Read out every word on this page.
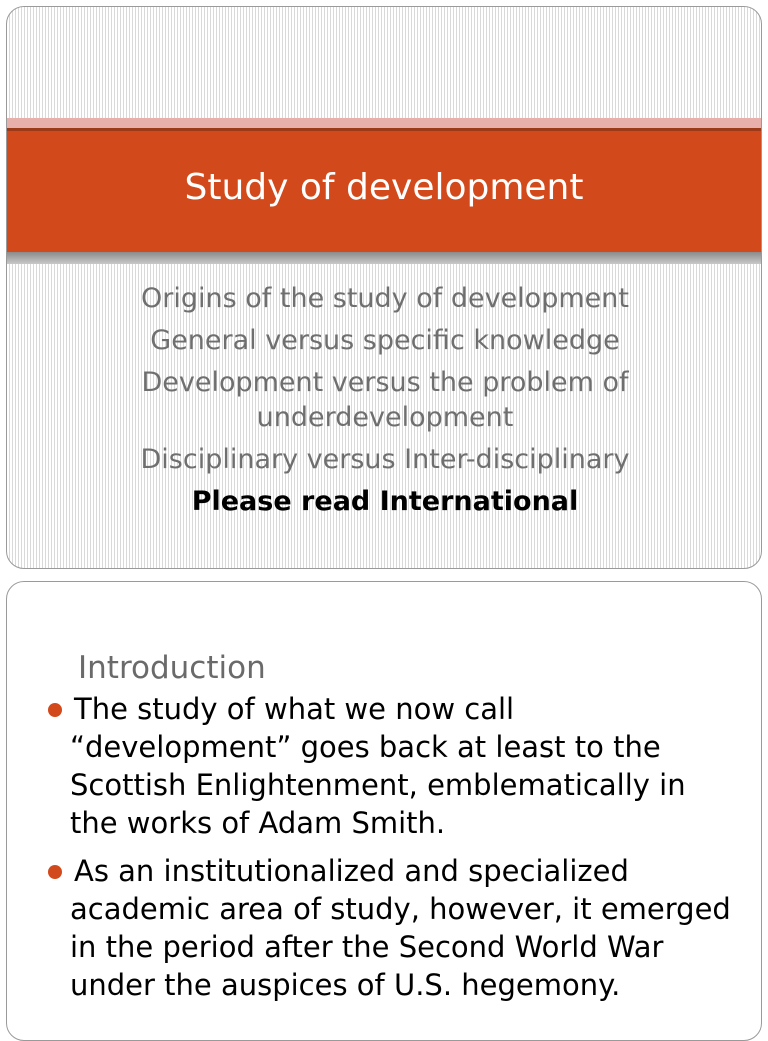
Study of development
Origins of the study of development
General versus specific knowledge
Development versus the problem of underdevelopment
Disciplinary versus Inter-disciplinary
Please read International
Introduction
The study of what we now call “development” goes back at least to the Scottish Enlightenment, emblematically in the works of Adam Smith.
As an institutionalized and specialized academic area of study, however, it emerged in the period after the Second World War under the auspices of U.S. hegemony.
